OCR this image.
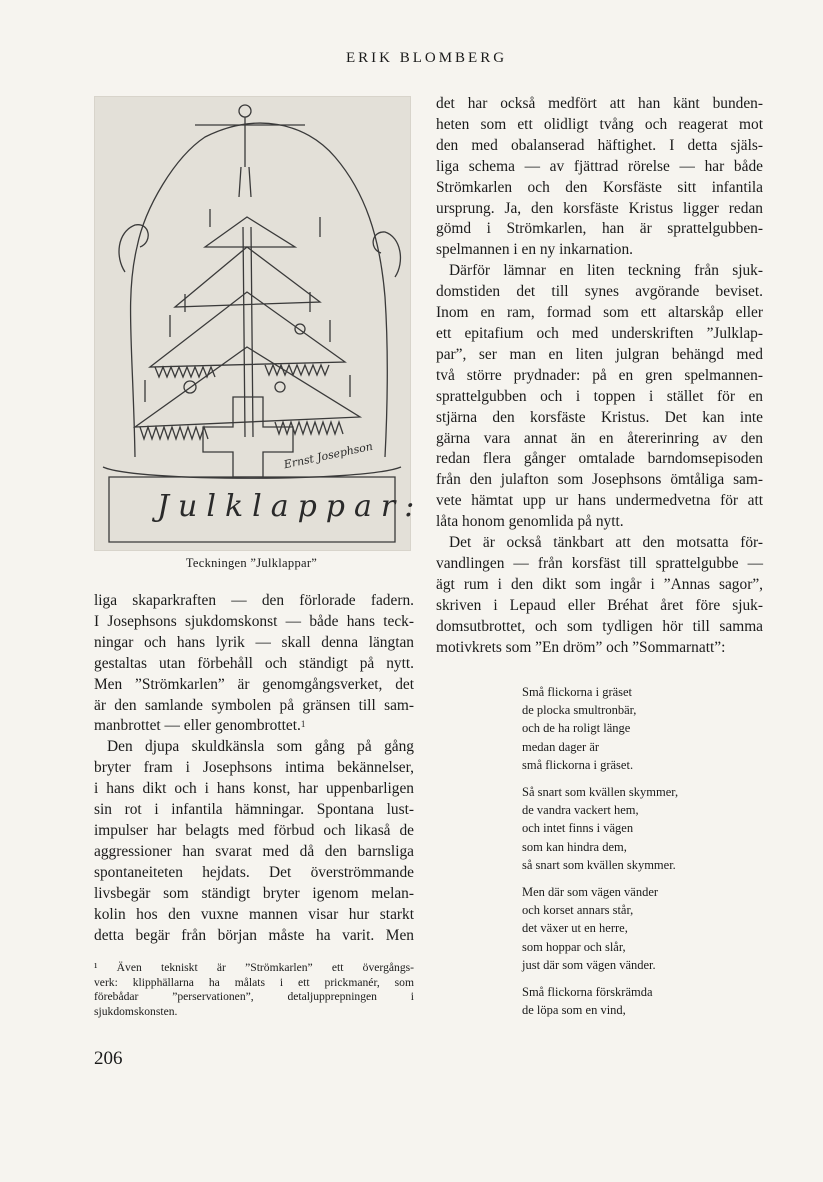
ERIK BLOMBERG
Julklappar:
Ernst Josephson
Teckningen ”Julklappar”

liga skaparkraften — den förlorade fadern.
I Josephsons sjukdomskonst — både hans teck-
ningar och hans lyrik — skall denna längtan
gestaltas utan förbehåll och ständigt på nytt.
Men ”Strömkarlen” är genomgångsverket, det
är den samlande symbolen på gränsen till sam-
manbrottet — eller genombrottet.$^1$

Den djupa skuldkänsla som gång på gång
bryter fram i Josephsons intima bekännelser,
i hans dikt och i hans konst, har uppenbarligen
sin rot i infantila hämningar. Spontana lust-
impulser har belagts med förbud och likaså de
aggressioner han svarat med då den barnsliga
spontaneiteten hejdats. Det överströmmande
livsbegär som ständigt bryter igenom melan-
kolin hos den vuxne mannen visar hur starkt
detta begär från början måste ha varit. Men

¹ Även tekniskt är ”Strömkarlen” ett övergångs-
verk: klipphällarna ha målats i ett prickmanér, som
förebådar ”perservationen”, detaljupprepningen i
sjukdomskonsten.

det har också medfört att han känt bunden-
heten som ett olidligt tvång och reagerat mot
den med obalanserad häftighet. I detta själs-
liga schema — av fjättrad rörelse — har både
Strömkarlen och den Korsfäste sitt infantila
ursprung. Ja, den korsfäste Kristus ligger redan
gömd i Strömkarlen, han är sprattelgubben-
spelmannen i en ny inkarnation.

Därför lämnar en liten teckning från sjuk-
domstiden det till synes avgörande beviset.
Inom en ram, formad som ett altarskåp eller
ett epitafium och med underskriften ”Julklap-
par”, ser man en liten julgran behängd med
två större prydnader: på en gren spelmannen-
sprattelgubben och i toppen i stället för en
stjärna den korsfäste Kristus. Det kan inte
gärna vara annat än en återerinring av den
redan flera gånger omtalade barndomsepisoden
från den julafton som Josephsons ömtåliga sam-
vete hämtat upp ur hans undermedvetna för att
låta honom genomlida på nytt.

Det är också tänkbart att den motsatta för-
vandlingen — från korsfäst till sprattelgubbe —
ägt rum i den dikt som ingår i ”Annas sagor”,
skriven i Lepaud eller Bréhat året före sjuk-
domsutbrottet, och som tydligen hör till samma
motivkrets som ”En dröm” och ”Sommarnatt”:

Små flickorna i gräset
de plocka smultronbär,
och de ha roligt länge
medan dager är
små flickorna i gräset.
Så snart som kvällen skymmer,
de vandra vackert hem,
och intet finns i vägen
som kan hindra dem,
så snart som kvällen skymmer.
Men där som vägen vänder
och korset annars står,
det växer ut en herre,
som hoppar och slår,
just där som vägen vänder.
Små flickorna förskrämda
de löpa som en vind,
206
